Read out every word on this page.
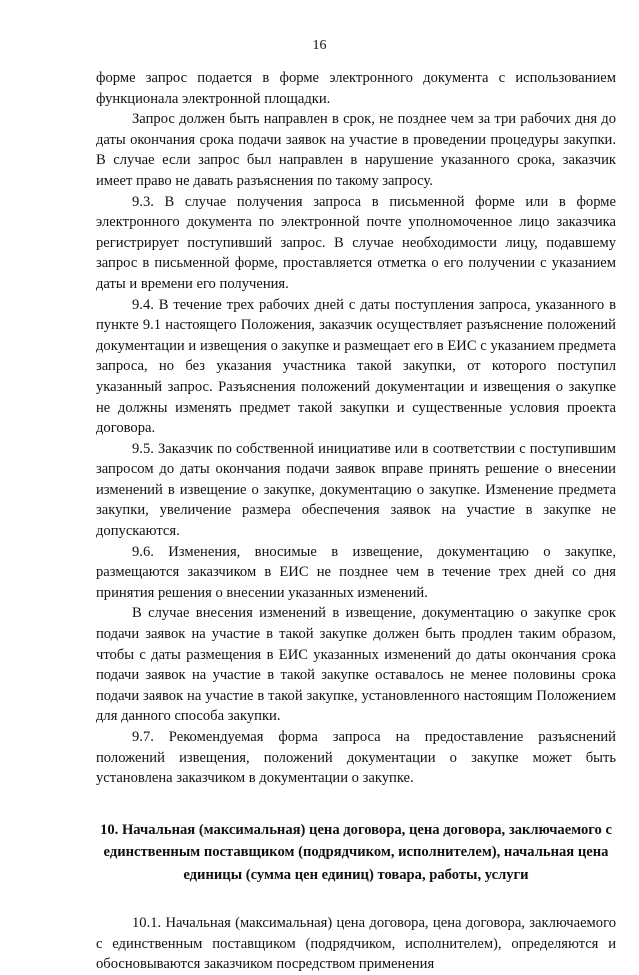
16

форме запрос подается в форме электронного документа с использованием функционала электронной площадки.

Запрос должен быть направлен в срок, не позднее чем за три рабочих дня до даты окончания срока подачи заявок на участие в проведении процедуры закупки. В случае если запрос был направлен в нарушение указанного срока, заказчик имеет право не давать разъяснения по такому запросу.

9.3. В случае получения запроса в письменной форме или в форме электронного документа по электронной почте уполномоченное лицо заказчика регистрирует поступивший запрос. В случае необходимости лицу, подавшему запрос в письменной форме, проставляется отметка о его получении с указанием даты и времени его получения.

9.4. В течение трех рабочих дней с даты поступления запроса, указанного в пункте 9.1 настоящего Положения, заказчик осуществляет разъяснение положений документации и извещения о закупке и размещает его в ЕИС с указанием предмета запроса, но без указания участника такой закупки, от которого поступил указанный запрос. Разъяснения положений документации и извещения о закупке не должны изменять предмет такой закупки и существенные условия проекта договора.

9.5. Заказчик по собственной инициативе или в соответствии с поступившим запросом до даты окончания подачи заявок вправе принять решение о внесении изменений в извещение о закупке, документацию о закупке. Изменение предмета закупки, увеличение размера обеспечения заявок на участие в закупке не допускаются.

9.6. Изменения, вносимые в извещение, документацию о закупке, размещаются заказчиком в ЕИС не позднее чем в течение трех дней со дня принятия решения о внесении указанных изменений.

В случае внесения изменений в извещение, документацию о закупке срок подачи заявок на участие в такой закупке должен быть продлен таким образом, чтобы с даты размещения в ЕИС указанных изменений до даты окончания срока подачи заявок на участие в такой закупке оставалось не менее половины срока подачи заявок на участие в такой закупке, установленного настоящим Положением для данного способа закупки.

9.7. Рекомендуемая форма запроса на предоставление разъяснений положений извещения, положений документации о закупке может быть установлена заказчиком в документации о закупке.

10. Начальная (максимальная) цена договора, цена договора, заключаемого с единственным поставщиком (подрядчиком, исполнителем), начальная цена единицы (сумма цен единиц) товара, работы, услуги

10.1. Начальная (максимальная) цена договора, цена договора, заключаемого с единственным поставщиком (подрядчиком, исполнителем), определяются и обосновываются заказчиком посредством применения
